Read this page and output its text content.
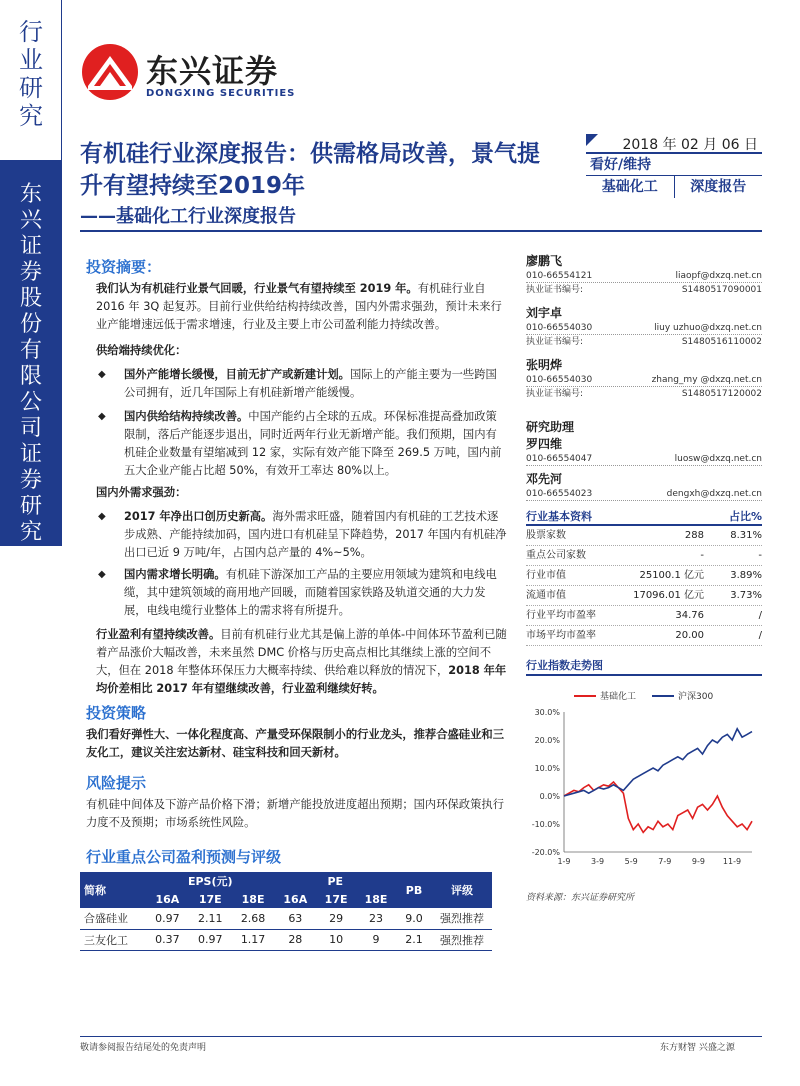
行业研究
东兴证券股份有限公司证券研究报告
东兴证券
DONGXING SECURITIES
有机硅行业深度报告：供需格局改善，景气提升有望持续至2019年
——基础化工行业深度报告
2018 年 02 月 06 日
看好/维持
基础化工	深度报告
投资摘要：
我们认为有机硅行业景气回暖，行业景气有望持续至 2019 年。有机硅行业自 2016 年 3Q 起复苏。目前行业供给结构持续改善，国内外需求强劲，预计未来行业产能增速远低于需求增速，行业及主要上市公司盈利能力持续改善。
供给端持续优化：
◆ 国外产能增长缓慢，目前无扩产或新建计划。国际上的产能主要为一些跨国公司拥有，近几年国际上有机硅新增产能缓慢。
◆ 国内供给结构持续改善。中国产能约占全球的五成。环保标准提高叠加政策限制，落后产能逐步退出，同时近两年行业无新增产能。我们预期，国内有机硅企业数量有望缩减到 12 家，实际有效产能下降至 269.5 万吨，国内前五大企业产能占比超 50%，有效开工率达 80%以上。
国内外需求强劲：
◆ 2017 年净出口创历史新高。海外需求旺盛，随着国内有机硅的工艺技术逐步成熟、产能持续加码，国内进口有机硅呈下降趋势，2017 年国内有机硅净出口已近 9 万吨/年，占国内总产量的 4%~5%。
◆ 国内需求增长明确。有机硅下游深加工产品的主要应用领域为建筑和电线电缆，其中建筑领域的商用地产回暖，而随着国家铁路及轨道交通的大力发展，电线电缆行业整体上的需求将有所提升。
行业盈利有望持续改善。目前有机硅行业尤其是偏上游的单体-中间体环节盈利已随着产品涨价大幅改善，未来虽然 DMC 价格与历史高点相比其继续上涨的空间不大，但在 2018 年整体环保压力大概率持续、供给难以释放的情况下，2018 年年均价差相比 2017 年有望继续改善，行业盈利继续好转。
投资策略
我们看好弹性大、一体化程度高、产量受环保限制小的行业龙头，推荐合盛硅业和三友化工，建议关注宏达新材、硅宝科技和回天新材。
风险提示
有机硅中间体及下游产品价格下滑；新增产能投放进度超出预期；国内环保政策执行力度不及预期；市场系统性风险。
行业重点公司盈利预测与评级
简称	EPS(元)			PE			PB	评级
	16A	17E	18E	16A	17E	18E		
合盛硅业	0.97	2.11	2.68	63	29	23	9.0	强烈推荐
三友化工	0.37	0.97	1.17	28	10	9	2.1	强烈推荐
廖鹏飞
010-66554121	liaopf@dxzq.net.cn
执业证书编号:	S1480517090001
刘宇卓
010-66554030	liuy uzhuo@dxzq.net.cn
执业证书编号:	S1480516110002
张明烨
010-66554030	zhang_my @dxzq.net.cn
执业证书编号:	S1480517120002
研究助理
罗四维
010-66554047	luosw@dxzq.net.cn
邓先河
010-66554023	dengxh@dxzq.net.cn
行业基本资料	占比%
股票家数	288	8.31%
重点公司家数	-	-
行业市值	25100.1 亿元	3.89%
流通市值	17096.01 亿元	3.73%
行业平均市盈率	34.76	/
市场平均市盈率	20.00	/
行业指数走势图
基础化工	沪深300
30.0%
20.0%
10.0%
0.0%
-10.0%
-20.0%
1-9	3-9	5-9	7-9	9-9 11-9
资料来源：东兴证券研究所
敬请参阅报告结尾处的免责声明	东方财智 兴盛之源
